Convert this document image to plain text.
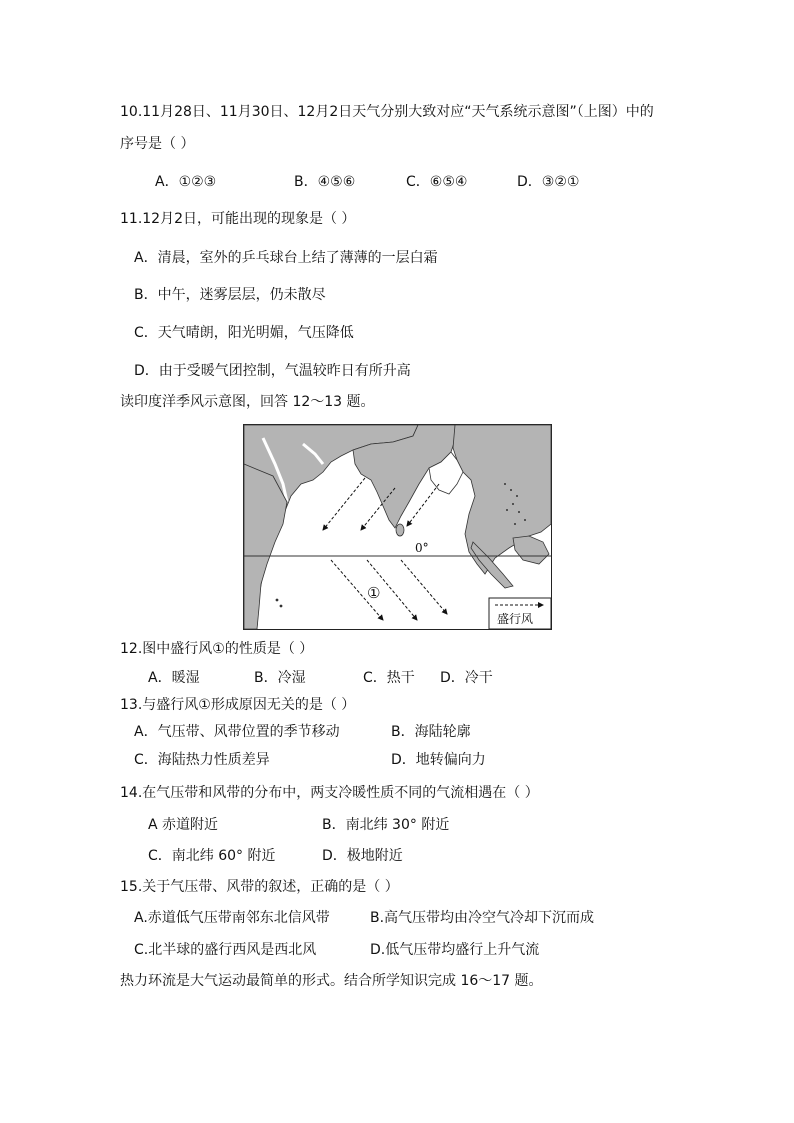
10.11月28日、11月30日、12月2日天气分别大致对应“天气系统示意图”（上图）中的
序号是（ ）
A．①②③	B．④⑤⑥	C．⑥⑤④	D．③②①
11.12月2日，可能出现的现象是（ ）
A．清晨，室外的乒乓球台上结了薄薄的一层白霜
B．中午，迷雾层层，仍未散尽
C．天气晴朗，阳光明媚，气压降低
D．由于受暖气团控制，气温较昨日有所升高
读印度洋季风示意图，回答 12～13 题。
0°
①
盛行风
12.图中盛行风①的性质是（ ）
A．暖湿	B．冷湿	C．热干 D．冷干
13.与盛行风①形成原因无关的是（ ）
A．气压带、风带位置的季节移动	B．海陆轮廓
C．海陆热力性质差异	D．地转偏向力
14.在气压带和风带的分布中，两支冷暖性质不同的气流相遇在（ ）
A 赤道附近	B．南北纬 30° 附近
C．南北纬 60° 附近	D．极地附近
15.关于气压带、风带的叙述，正确的是（ ）
A.赤道低气压带南邻东北信风带	B.高气压带均由冷空气冷却下沉而成
C.北半球的盛行西风是西北风	D.低气压带均盛行上升气流
热力环流是大气运动最简单的形式。结合所学知识完成 16～17 题。
